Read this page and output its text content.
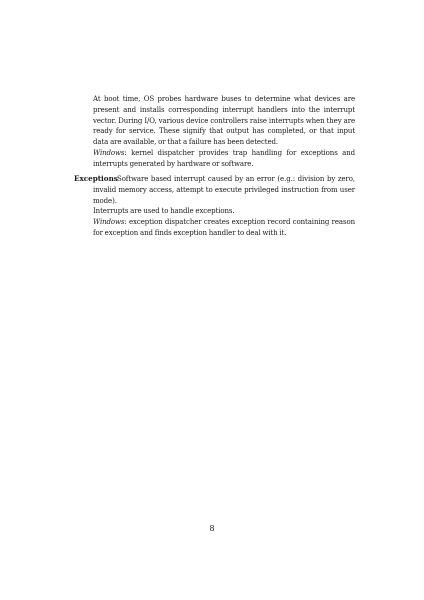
At boot time, OS probes hardware buses to determine what devices are present and installs corresponding interrupt handlers into the interrupt vector. During I/O, various device controllers raise interrupts when they are ready for service. These signify that output has completed, or that input data are available, or that a failure has been detected.

Windows: kernel dispatcher provides trap handling for exceptions and interrupts generated by hardware or software.

Exceptions Software based interrupt caused by an error (e.g.: division by zero, invalid memory access, attempt to execute privileged instruction from user mode).

Interrupts are used to handle exceptions.

Windows: exception dispatcher creates exception record containing reason for exception and finds exception handler to deal with it.

8
